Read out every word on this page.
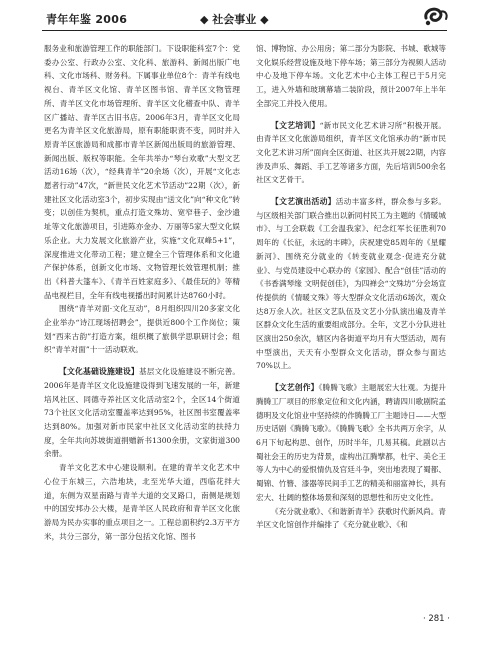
青年年鉴 2006	◆ 社会事业 ◆

服务业和旅游管理工作的职能部门。下设职能科室7个：党委办公室、行政办公室、文化科、旅游科、新闻出版广电科、文化市场科、财务科。下属事业单位8个：青羊有线电视台、青羊区文化馆、青羊区图书馆、青羊区文物管理所、青羊区文化市场管理所、青羊区文化稽查中队、青羊区广播站、青羊区古旧书店。2006年3月，青羊区文化局更名为青羊区文化旅游局，原有职能职责不变，同时并入原青羊区旅游局和成都市青羊区新闻出版局的旅游管理、新闻出版、版权等职能。全年共举办“琴台欢歌”大型文艺活动16场（次），“经典青羊”20余场（次），开展“文化志愿者行动”47次，“新世民文化艺术节活动”22期（次），新建社区文化活动室3个，初步实现由“送文化”向“种文化”转变；以创佳为契机，重点打造文殊坊、宽窄巷子、金沙遗址等文化旅游项目，引进陈亦金办、万丽等5家大型文化娱乐企业。大力发展文化旅游产业，实施“文化双峰5+1”，深度推进文化带动工程；建立健全三个管理体系和文化遗产保护体系，创新文化市场、文物管理长效管理机制；推出《科普大篷车》、《青羊百姓家庭多》、《最佳玩的》等精品电视栏目，全年有线电视播出时间累计达8760小时。

围绕“青羊对面·文化互动”，8月组织四川20多家文化企业举办“诗江现场招聘会”，提供近800个工作岗位；策划“西来古韵”打造方案，组织概了旅俱学思职研讨会；组织“青羊对面”十一活动联欢。

【文化基础设施建设】基层文化设施建设不断完善。2006年是青羊区文化设施建设得到飞速发展的一年，新建培风社区、同德寺养社区文化活动室2个，全区14个街道73个社区文化活动室覆盖率达到95%，社区图书室覆盖率达到80%。加强对新市民家中社区文化活动室的扶持力度，全年共向苏坡街道捐赠新书1300余册，文家街道300余册。

青羊文化艺术中心建设顺利。在建的青羊文化艺术中心位于东城三，六浩地块，北至光华大道，西临花拌大道，东侧为双星南路与青羊大道的交叉路口，南侧是规划中的国安邦办公大楼，是青羊区人民政府和青羊区文化旅游局为民办实事的重点项目之一。工程总面积约2.3万平方米，共分三部分，第一部分包括文化馆、图书

馆、博物馆、办公用房；第二部分为影院、书城、歌城等文化娱乐经营设施及地下停车场；第三部分为视频人活动中心及地下停车场。文化艺术中心主体工程已于5月完工，进入外墙和玻璃幕墙二装阶段，预计2007年上半年全部完工并投入使用。

【文艺培训】“新市民文化艺术讲习所”积极开展。由青羊区文化旅游局组织，青羊区文化馆承办的“新市民文化艺术讲习所”面向全区街道、社区共开展22期，内容涉及声乐、舞蹈、手工艺等诸多方面，先后培训500余名社区文艺骨干。

【文艺演出活动】活动丰富多样，群众参与多彩。与区级相关部门联合推出以新同村民工为主题的《情暖城市》、与工会联载《工会温我家》、纪念红军长征胜利70周年的《长征，永远的丰碑》，庆祝建党85周年的《星耀新河》、围绕充分就业的《转变就业观念·促进充分就业》、与党员建设中心联办的《家园》、配合“创佳”活动的《书香满琴缘 文明促创佳》，为四禅会“文殊坊”分会场宣传提供的《情暖文殊》等大型群众文化活动6场次，观众达8万余人次。社区文艺队伍及文艺小分队演出遍及青羊区群众文化生活的重要组成部分。全年，文艺小分队进社区演出250余次，辖区内各街道平均月有大型活动，周有中型演出，天天有小型群众文化活动，群众参与面达70%以上。

【文艺创作】《腾腾飞歌》主题展宏大壮观。为提升腾腾工厂项目的形象定位和文化内涵，聘请四川歌剧院孟德明及文化馆业中坚持续的作腾腾工厂主题诗日——大型历史话剧《腾腾飞歌》。《腾腾飞歌》全书共两万余字，从6月下旬起构思、创作，历时半年，几易其稿。此剧以古蜀社会王的历史为背景，虚构出江腾擘都，杜宇、美仑王等人为中心的爱恨情仇及官廷斗争，突出地表现了蜀都、蜀锦、竹簪、漆器等民间手工艺的精美和丽富神长，具有宏大、壮阔的整体场景和深刻的思想性和历史文化性。

《充分就业歌》、《和谐新青羊》获歌时代新风尚。青羊区文化馆创作并编排了《充分就业歌》、《和

· 281 ·
